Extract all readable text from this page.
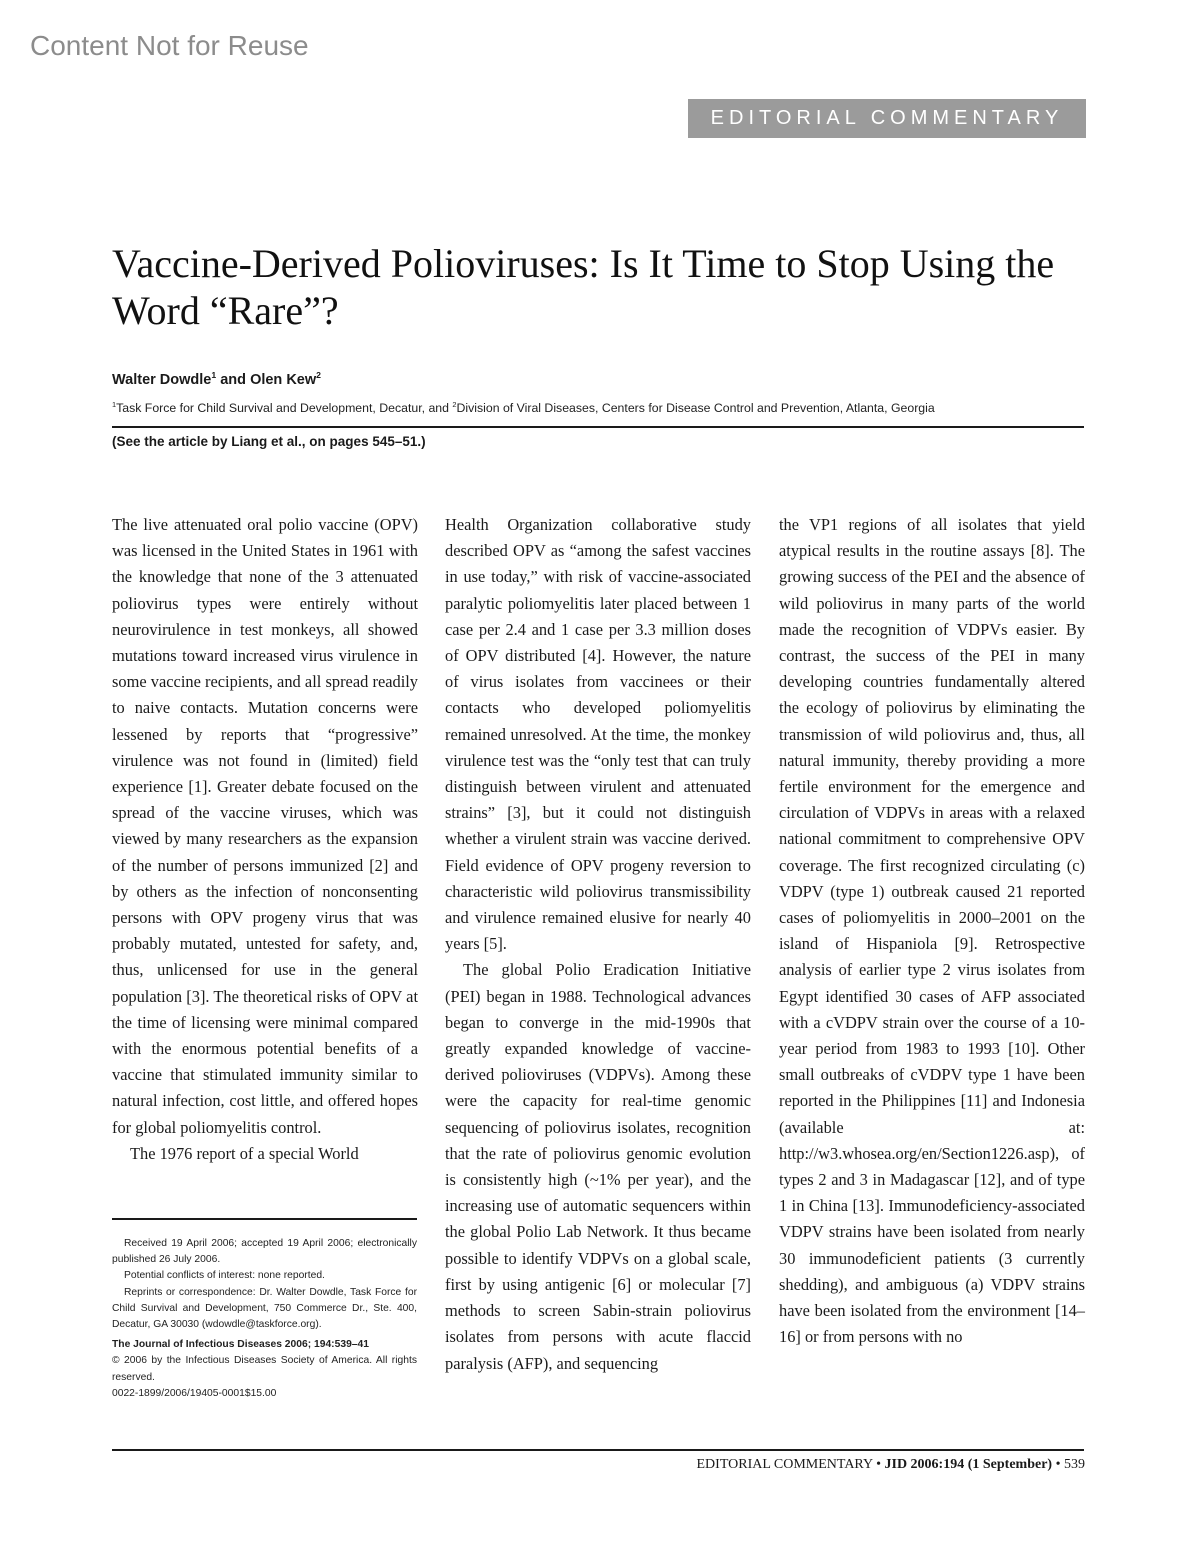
Content Not for Reuse
EDITORIAL COMMENTARY
Vaccine-Derived Polioviruses: Is It Time to Stop Using the Word “Rare”?
Walter Dowdle$^1$ and Olen Kew$^2$
$^1$Task Force for Child Survival and Development, Decatur, and $^2$Division of Viral Diseases, Centers for Disease Control and Prevention, Atlanta, Georgia
(See the article by Liang et al., on pages 545–51.)

The live attenuated oral polio vaccine (OPV) was licensed in the United States in 1961 with the knowledge that none of the 3 attenuated poliovirus types were entirely without neurovirulence in test monkeys, all showed mutations toward increased virus virulence in some vaccine recipients, and all spread readily to naive contacts. Mutation concerns were lessened by reports that “progressive” virulence was not found in (limited) field experience [1]. Greater debate focused on the spread of the vaccine viruses, which was viewed by many researchers as the expansion of the number of persons immunized [2] and by others as the infection of nonconsenting persons with OPV progeny virus that was probably mutated, untested for safety, and, thus, unlicensed for use in the general population [3]. The theoretical risks of OPV at the time of licensing were minimal compared with the enormous potential benefits of a vaccine that stimulated immunity similar to natural infection, cost little, and offered hopes for global poliomyelitis control.

The 1976 report of a special World

Health Organization collaborative study described OPV as “among the safest vaccines in use today,” with risk of vaccine-associated paralytic poliomyelitis later placed between 1 case per 2.4 and 1 case per 3.3 million doses of OPV distributed [4]. However, the nature of virus isolates from vaccinees or their contacts who developed poliomyelitis remained unresolved. At the time, the monkey virulence test was the “only test that can truly distinguish between virulent and attenuated strains” [3], but it could not distinguish whether a virulent strain was vaccine derived. Field evidence of OPV progeny reversion to characteristic wild poliovirus transmissibility and virulence remained elusive for nearly 40 years [5].

The global Polio Eradication Initiative (PEI) began in 1988. Technological advances began to converge in the mid-1990s that greatly expanded knowledge of vaccine-derived polioviruses (VDPVs). Among these were the capacity for real-time genomic sequencing of poliovirus isolates, recognition that the rate of poliovirus genomic evolution is consistently high (~1% per year), and the increasing use of automatic sequencers within the global Polio Lab Network. It thus became possible to identify VDPVs on a global scale, first by using antigenic [6] or molecular [7] methods to screen Sabin-strain poliovirus isolates from persons with acute flaccid paralysis (AFP), and sequencing

the VP1 regions of all isolates that yield atypical results in the routine assays [8]. The growing success of the PEI and the absence of wild poliovirus in many parts of the world made the recognition of VDPVs easier. By contrast, the success of the PEI in many developing countries fundamentally altered the ecology of poliovirus by eliminating the transmission of wild poliovirus and, thus, all natural immunity, thereby providing a more fertile environment for the emergence and circulation of VDPVs in areas with a relaxed national commitment to comprehensive OPV coverage. The first recognized circulating (c) VDPV (type 1) outbreak caused 21 reported cases of poliomyelitis in 2000–2001 on the island of Hispaniola [9]. Retrospective analysis of earlier type 2 virus isolates from Egypt identified 30 cases of AFP associated with a cVDPV strain over the course of a 10-year period from 1983 to 1993 [10]. Other small outbreaks of cVDPV type 1 have been reported in the Philippines [11] and Indonesia (available at: http://w3.whosea.org/en/Section1226.asp), of types 2 and 3 in Madagascar [12], and of type 1 in China [13]. Immunodeficiency-associated VDPV strains have been isolated from nearly 30 immunodeficient patients (3 currently shedding), and ambiguous (a) VDPV strains have been isolated from the environment [14–16] or from persons with no

Received 19 April 2006; accepted 19 April 2006; electronically published 26 July 2006.

Potential conflicts of interest: none reported.

Reprints or correspondence: Dr. Walter Dowdle, Task Force for Child Survival and Development, 750 Commerce Dr., Ste. 400, Decatur, GA 30030 (wdowdle@taskforce.org).

The Journal of Infectious Diseases 2006; 194:539–41

© 2006 by the Infectious Diseases Society of America. All rights reserved.

0022-1899/2006/19405-0001$15.00

EDITORIAL COMMENTARY • JID 2006:194 (1 September) • 539
